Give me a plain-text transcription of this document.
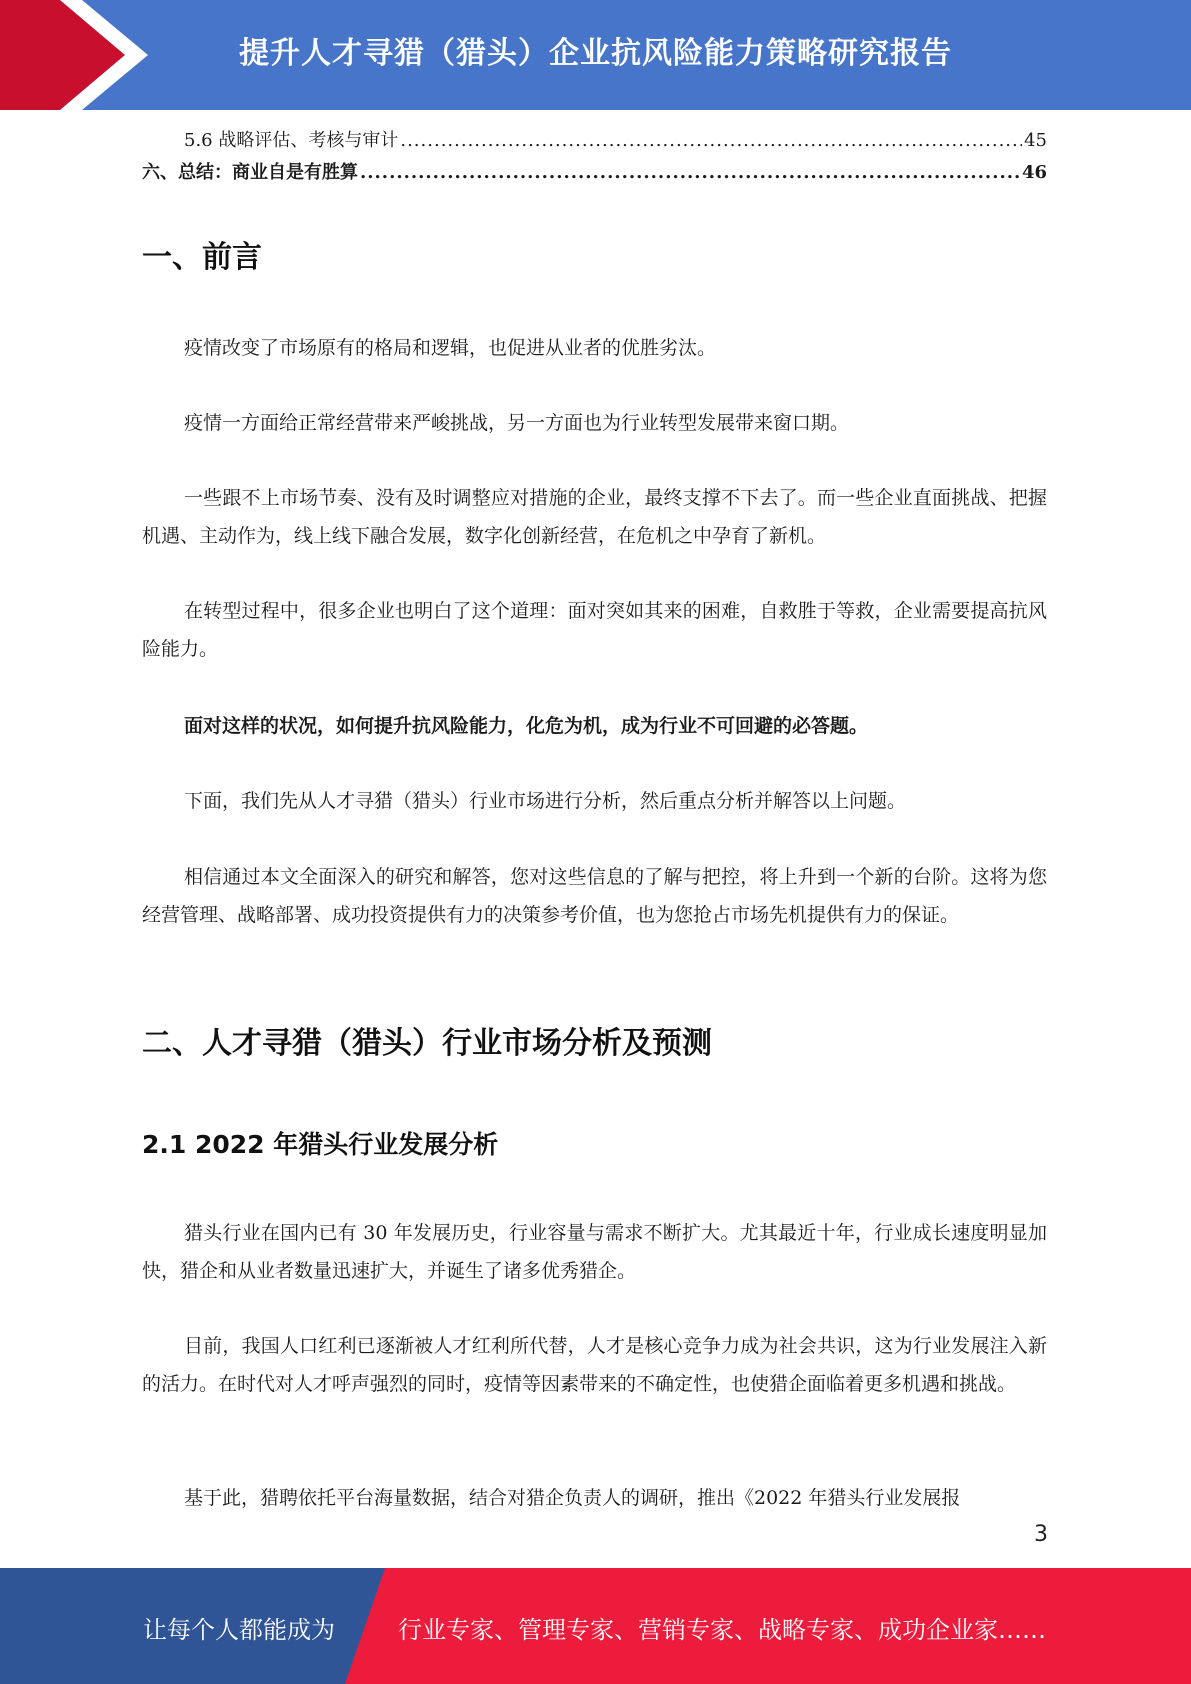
提升人才寻猎（猎头）企业抗风险能力策略研究报告
5.6 战略评估、考核与审计 .....	45
六、总结：商业自是有胜算 .....	46
一、前言

疫情改变了市场原有的格局和逻辑，也促进从业者的优胜劣汰。

疫情一方面给正常经营带来严峻挑战，另一方面也为行业转型发展带来窗口期。

一些跟不上市场节奏、没有及时调整应对措施的企业，最终支撑不下去了。而一些企业直面挑战、把握机遇、主动作为，线上线下融合发展，数字化创新经营，在危机之中孕育了新机。

在转型过程中，很多企业也明白了这个道理：面对突如其来的困难，自救胜于等救，企业需要提高抗风险能力。

面对这样的状况，如何提升抗风险能力，化危为机，成为行业不可回避的必答题。

下面，我们先从人才寻猎（猎头）行业市场进行分析，然后重点分析并解答以上问题。

相信通过本文全面深入的研究和解答，您对这些信息的了解与把控，将上升到一个新的台阶。这将为您经营管理、战略部署、成功投资提供有力的决策参考价值，也为您抢占市场先机提供有力的保证。

二、人才寻猎（猎头）行业市场分析及预测
2.1 2022 年猎头行业发展分析

猎头行业在国内已有 30 年发展历史，行业容量与需求不断扩大。尤其最近十年，行业成长速度明显加快，猎企和从业者数量迅速扩大，并诞生了诸多优秀猎企。

目前，我国人口红利已逐渐被人才红利所代替，人才是核心竞争力成为社会共识，这为行业发展注入新的活力。在时代对人才呼声强烈的同时，疫情等因素带来的不确定性，也使猎企面临着更多机遇和挑战。

基于此，猎聘依托平台海量数据，结合对猎企负责人的调研，推出《2022 年猎头行业发展报

3
让每个人都能成为	行业专家、管理专家、营销专家、战略专家、成功企业家……
